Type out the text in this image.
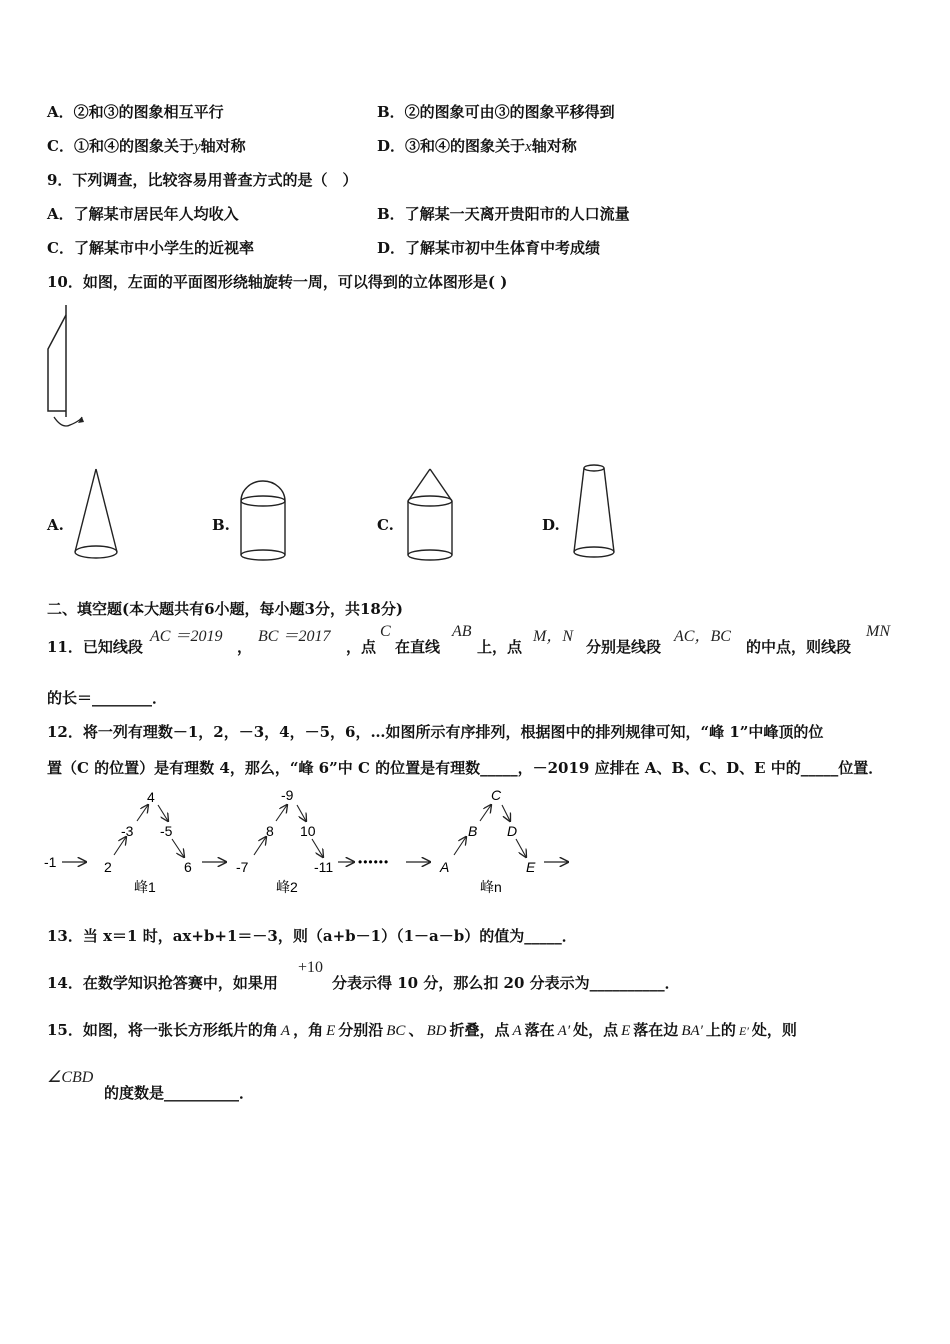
A．②和③的图象相互平行	B．②的图象可由③的图象平移得到
C．①和④的图象关于y轴对称	D．③和④的图象关于x轴对称
9．下列调查，比较容易用普查方式的是（　）
A．了解某市居民年人均收入	B．了解某一天离开贵阳市的人口流量
C．了解某市中小学生的近视率	D．了解某市初中生体育中考成绩
10．如图，左面的平面图形绕轴旋转一周，可以得到的立体图形是( )
A.	B.	C.	D.
二、填空题(本大题共有6小题，每小题3分，共18分)
AC ＝2019 BC ＝2017	C	AB	M，N	AC，BC	MN
11．已知线段	，	，点 在直线 上，点	分别是线段	的中点，则线段
的长＝________．
12．将一列有理数－1，2，－3，4，－5，6，…如图所示有序排列，根据图中的排列规律可知，“峰 1”中峰顶的位
置（C 的位置）是有理数 4，那么，“峰 6”中 C 的位置是有理数_____，－2019 应排在 A、B、C、D、E 中的_____位置．
-1	2
-3
4
-5
6
峰1
-7
8
-9
10
-11
峰2
••••••	A
B
C
D
E
峰n
13．当 x＝1 时，ax+b+1＝－3，则（a+b－1）（1－a－b）的值为_____．
+10
14．在数学知识抢答赛中，如果用	分表示得 10 分，那么扣 20 分表示为__________．
15．如图，将一张长方形纸片的角 A ，角 E 分别沿 BC 、 BD 折叠，点 A 落在 A′ 处，点 E 落在边 BA′ 上的 E′ 处，则
∠CBD
的度数是__________．
